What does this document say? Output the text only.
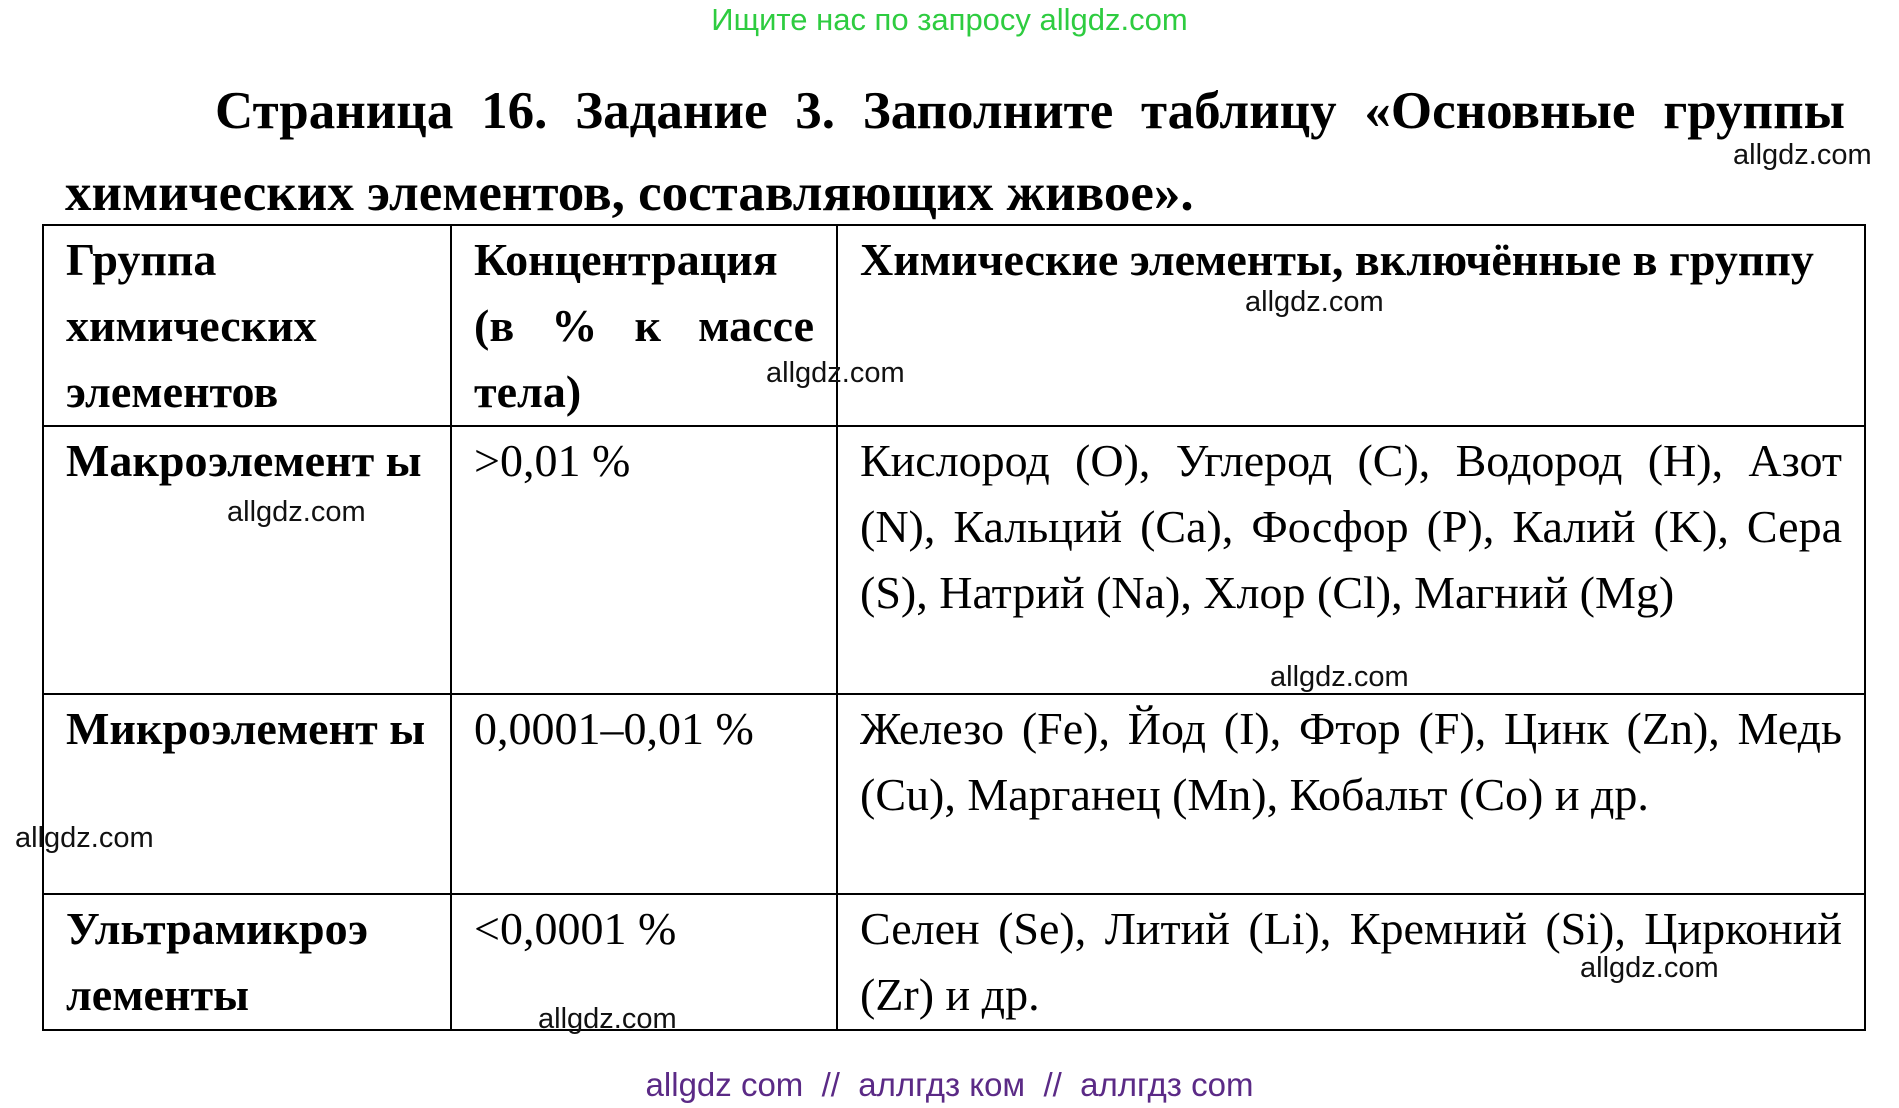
Ищите нас по запросу allgdz.com
Страница 16. Задание 3. Заполните таблицу «Основные группы химических элементов, составляющих живое».
Группа химических элементов	Концентрация (в % к массе тела)	Химические элементы, включённые в группу
Макроэлемент ы	>0,01 %	Кислород (O), Углерод (C), Водород (H), Азот (N), Кальций (Ca), Фосфор (P), Калий (K), Сера (S), Натрий (Na), Хлор (Cl), Магний (Mg)
Микроэлемент ы	0,0001–0,01 %	Железо (Fe), Йод (I), Фтор (F), Цинк (Zn), Медь (Cu), Марганец (Mn), Кобальт (Co) и др.
Ультрамикроэ лементы	<0,0001 %	Селен (Se), Литий (Li), Кремний (Si), Цирконий (Zr) и др.
allgdz.com
allgdz.com
allgdz.com
allgdz.com
allgdz.com
allgdz.com
allgdz.com
allgdz.com
allgdz com  //  аллгдз ком  //  аллгдз com
